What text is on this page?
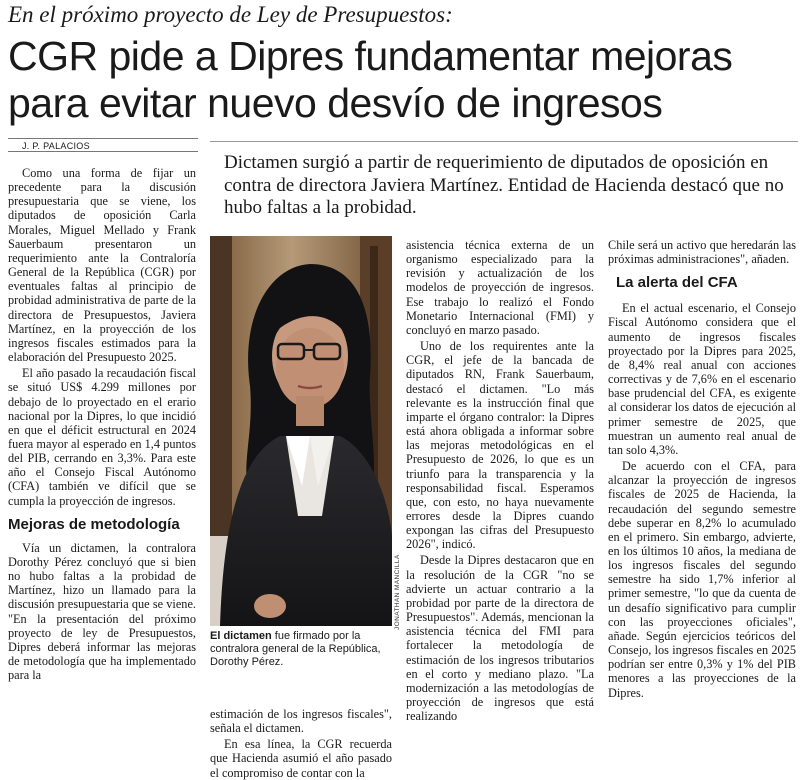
En el próximo proyecto de Ley de Presupuestos:
CGR pide a Dipres fundamentar mejoras
para evitar nuevo desvío de ingresos
J. P. PALACIOS
Dictamen surgió a partir de requerimiento de diputados de oposición en contra de directora Javiera Martínez. Entidad de Hacienda destacó que no hubo faltas a la probidad.

Como una forma de fijar un precedente para la discusión presupuestaria que se viene, los diputados de oposición Carla Morales, Miguel Mellado y Frank Sauerbaum presentaron un requerimiento ante la Contraloría General de la República (CGR) por eventuales faltas al principio de probidad administrativa de parte de la directora de Presupuestos, Javiera Martínez, en la proyección de los ingresos fiscales estimados para la elaboración del Presupuesto 2025.

El año pasado la recaudación fiscal se situó US$ 4.299 millones por debajo de lo proyectado en el erario nacional por la Dipres, lo que incidió en que el déficit estructural en 2024 fuera mayor al esperado en 1,4 puntos del PIB, cerrando en 3,3%. Para este año el Consejo Fiscal Autónomo (CFA) también ve difícil que se cumpla la proyección de ingresos.

Mejoras de metodología

Vía un dictamen, la contralora Dorothy Pérez concluyó que si bien no hubo faltas a la probidad de Martínez, hizo un llamado para la discusión presupuestaria que se viene. "En la presentación del próximo proyecto de ley de Presupuestos, Dipres deberá informar las mejoras de metodología que ha implementado para la

JONATHAN MANCILLA
El dictamen fue firmado por la contralora general de la República, Dorothy Pérez.

estimación de los ingresos fiscales", señala el dictamen.

En esa línea, la CGR recuerda que Hacienda asumió el año pasado el compromiso de contar con la

asistencia técnica externa de un organismo especializado para la revisión y actualización de los modelos de proyección de ingresos. Ese trabajo lo realizó el Fondo Monetario Internacional (FMI) y concluyó en marzo pasado.

Uno de los requirentes ante la CGR, el jefe de la bancada de diputados RN, Frank Sauerbaum, destacó el dictamen. "Lo más relevante es la instrucción final que imparte el órgano contralor: la Dipres está ahora obligada a informar sobre las mejoras metodológicas en el Presupuesto de 2026, lo que es un triunfo para la transparencia y la responsabilidad fiscal. Esperamos que, con esto, no haya nuevamente errores desde la Dipres cuando expongan las cifras del Presupuesto 2026", indicó.

Desde la Dipres destacaron que en la resolución de la CGR "no se advierte un actuar contrario a la probidad por parte de la directora de Presupuestos". Además, mencionan la asistencia técnica del FMI para fortalecer la metodología de estimación de los ingresos tributarios en el corto y mediano plazo. "La modernización a las metodologías de proyección de ingresos que está realizando

Chile será un activo que heredarán las próximas administraciones", añaden.

La alerta del CFA

En el actual escenario, el Consejo Fiscal Autónomo considera que el aumento de ingresos fiscales proyectado por la Dipres para 2025, de 8,4% real anual con acciones correctivas y de 7,6% en el escenario base prudencial del CFA, es exigente al considerar los datos de ejecución al primer semestre de 2025, que muestran un aumento real anual de tan solo 4,3%.

De acuerdo con el CFA, para alcanzar la proyección de ingresos fiscales de 2025 de Hacienda, la recaudación del segundo semestre debe superar en 8,2% lo acumulado en el primero. Sin embargo, advierte, en los últimos 10 años, la mediana de los ingresos fiscales del segundo semestre ha sido 1,7% inferior al primer semestre, "lo que da cuenta de un desafío significativo para cumplir con las proyecciones oficiales", añade. Según ejercicios teóricos del Consejo, los ingresos fiscales en 2025 podrían ser entre 0,3% y 1% del PIB menores a las proyecciones de la Dipres.
